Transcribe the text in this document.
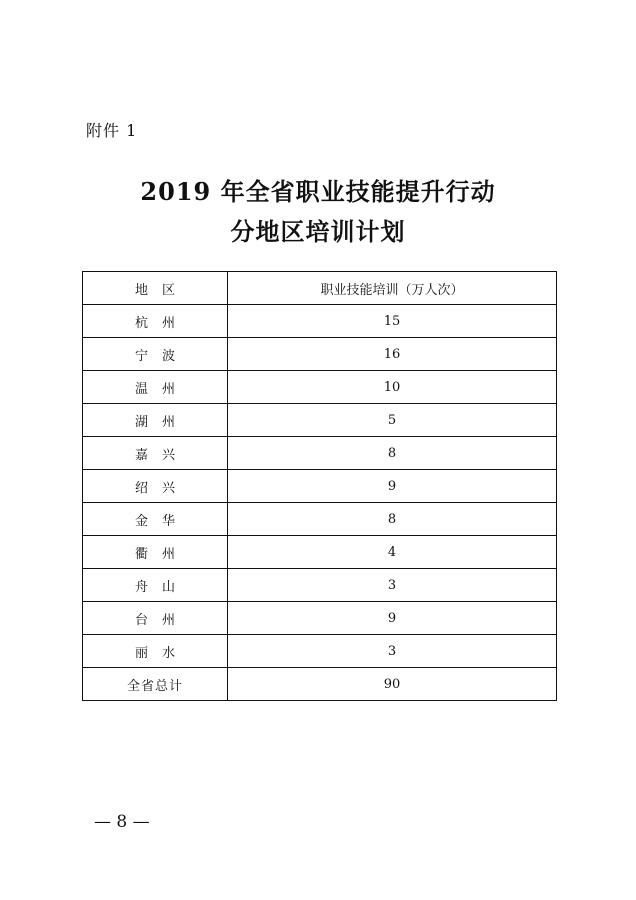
附件 1
2019 年全省职业技能提升行动
分地区培训计划
地区	职业技能培训（万人次）
杭州	15
宁波	16
温州	10
湖州	5
嘉兴	8
绍兴	9
金华	8
衢州	4
舟山	3
台州	9
丽水	3
全省总计	90
— 8 —
